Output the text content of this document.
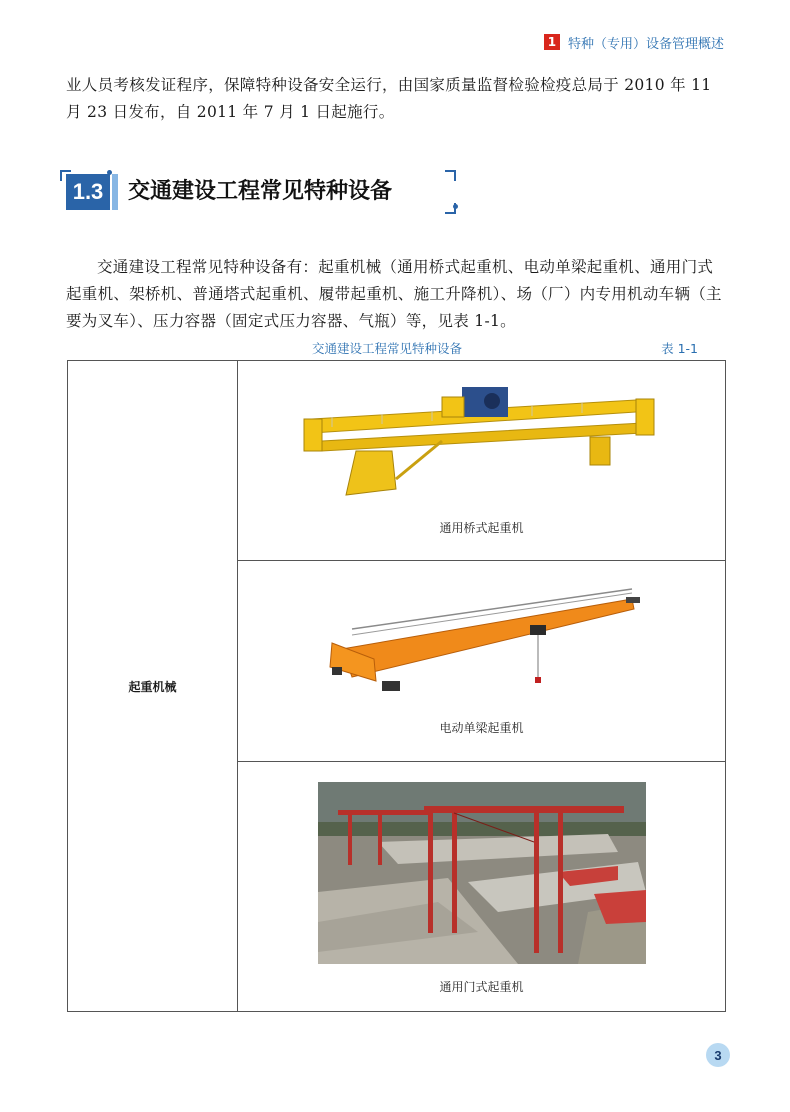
1 特种（专用）设备管理概述
业人员考核发证程序，保障特种设备安全运行，由国家质量监督检验检疫总局于 2010 年 11 月 23 日发布，自 2011 年 7 月 1 日起施行。
1.3	交通建设工程常见特种设备
交通建设工程常见特种设备有：起重机械（通用桥式起重机、电动单梁起重机、通用门式起重机、架桥机、普通塔式起重机、履带起重机、施工升降机）、场（厂）内专用机动车辆（主要为叉车）、压力容器（固定式压力容器、气瓶）等，见表 1-1。
交通建设工程常见特种设备	表 1-1
起重机械	
通用桥式起重机

电动单梁起重机

通用门式起重机
3
